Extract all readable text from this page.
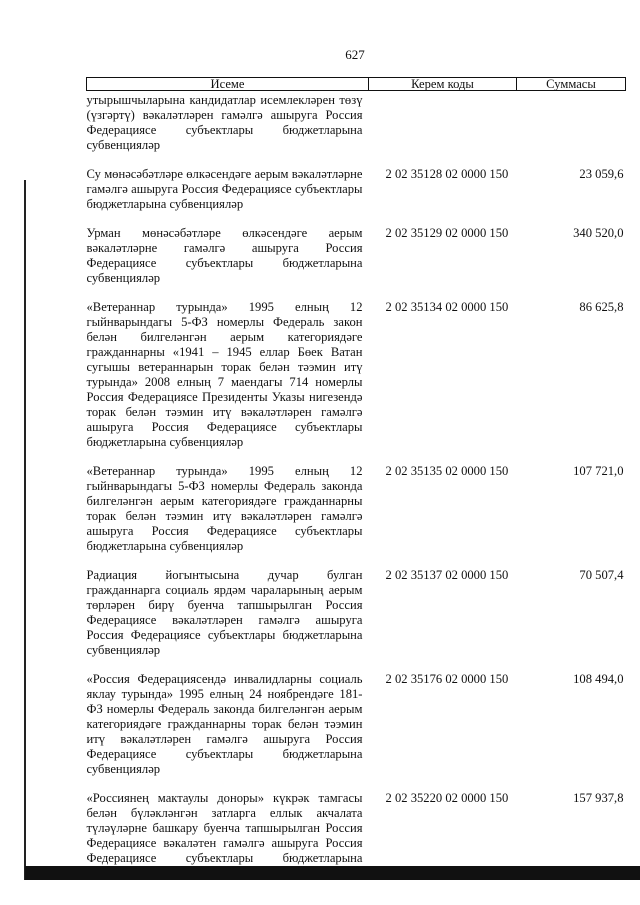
627
Исеме	Керем коды	Суммасы
утырышчыларына кандидатлар исемлекләрен төзү (үзгәртү) вәкаләтләрен гамәлгә ашыруга Россия Федерациясе субъектлары бюджетларына субвенцияләр		
Су мөнәсәбәтләре өлкәсендәге аерым вәкаләтләрне гамәлгә ашыруга Россия Федерациясе субъектлары бюджетларына субвенцияләр	2 02 35128 02 0000 150	23 059,6
Урман мөнәсәбәтләре өлкәсендәге аерым вәкаләтләрне гамәлгә ашыруга Россия Федерациясе субъектлары бюджетларына субвенцияләр	2 02 35129 02 0000 150	340 520,0
«Ветераннар турында» 1995 елның 12 гыйнварындагы 5-ФЗ номерлы Федераль закон белән билгеләнгән аерым категориядәге гражданнарны «1941 – 1945 еллар Бөек Ватан сугышы ветераннарын торак белән тәэмин итү турында» 2008 елның 7 маендагы 714 номерлы Россия Федерациясе Президенты Указы нигезендә торак белән тәэмин итү вәкаләтләрен гамәлгә ашыруга Россия Федерациясе субъектлары бюджетларына субвенцияләр	2 02 35134 02 0000 150	86 625,8
«Ветераннар турында» 1995 елның 12 гыйнварындагы 5-ФЗ номерлы Федераль законда билгеләнгән аерым категориядәге гражданнарны торак белән тәэмин итү вәкаләтләрен гамәлгә ашыруга Россия Федерациясе субъектлары бюджетларына субвенцияләр	2 02 35135 02 0000 150	107 721,0
Радиация йогынтысына дучар булган гражданнарга социаль ярдәм чараларының аерым төрләрен бирү буенча тапшырылган Россия Федерациясе вәкаләтләрен гамәлгә ашыруга Россия Федерациясе субъектлары бюджетларына субвенцияләр	2 02 35137 02 0000 150	70 507,4
«Россия Федерациясендә инвалидларны социаль яклау турында» 1995 елның 24 ноябрендәге 181-ФЗ номерлы Федераль законда билгеләнгән аерым категориядәге гражданнарны торак белән тәэмин итү вәкаләтләрен гамәлгә ашыруга Россия Федерациясе субъектлары бюджетларына субвенцияләр	2 02 35176 02 0000 150	108 494,0
«Россиянең мактаулы доноры» күкрәк тамгасы белән бүләкләнгән затларга еллык акчалата түләүләрне башкару буенча тапшырылган Россия Федерациясе вәкаләтен гамәлгә ашыруга Россия Федерациясе субъектлары бюджетларына	2 02 35220 02 0000 150	157 937,8
